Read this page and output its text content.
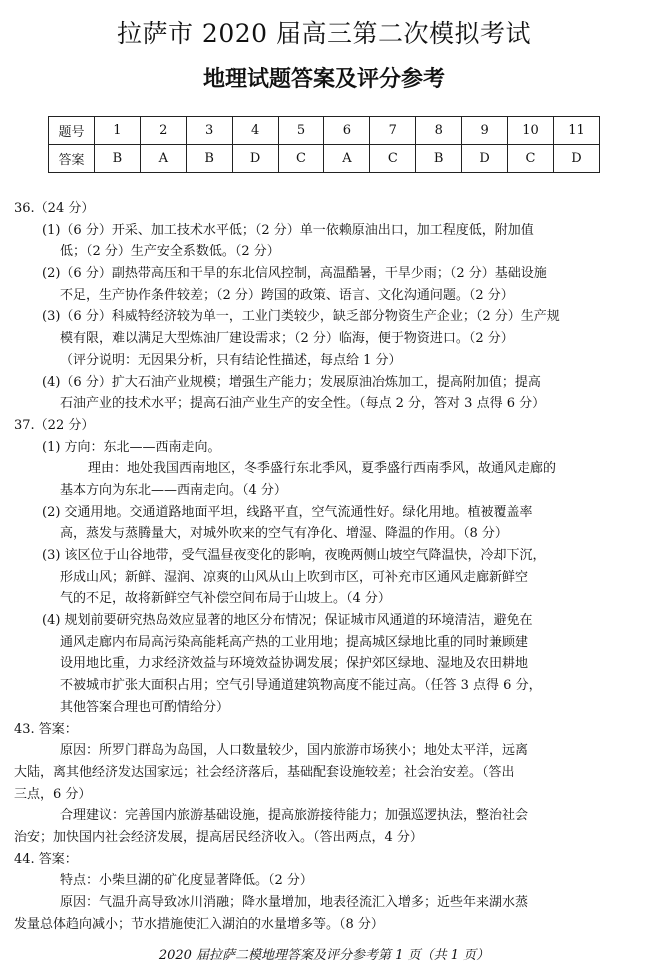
拉萨市 2020 届高三第二次模拟考试
地理试题答案及评分参考
题号	1	2	3	4	5	6	7	8	9	10	11
答案	B	A	B	D	C	A	C	B	D	C	D
36.（24 分）
(1)（6 分）开采、加工技术水平低；（2 分）单一依赖原油出口，加工程度低，附加值
低；（2 分）生产安全系数低。（2 分）
(2)（6 分）副热带高压和干旱的东北信风控制，高温酷暑，干旱少雨；（2 分）基础设施
不足，生产协作条件较差；（2 分）跨国的政策、语言、文化沟通问题。（2 分）
(3)（6 分）科威特经济较为单一，工业门类较少，缺乏部分物资生产企业；（2 分）生产规
模有限，难以满足大型炼油厂建设需求；（2 分）临海，便于物资进口。（2 分）
（评分说明：无因果分析，只有结论性描述，每点给 1 分）
(4)（6 分）扩大石油产业规模；增强生产能力；发展原油冶炼加工，提高附加值；提高
石油产业的技术水平；提高石油产业生产的安全性。（每点 2 分，答对 3 点得 6 分）
37.（22 分）
(1) 方向：东北——西南走向。
理由：地处我国西南地区，冬季盛行东北季风，夏季盛行西南季风，故通风走廊的
基本方向为东北——西南走向。（4 分）
(2) 交通用地。交通道路地面平坦，线路平直，空气流通性好。绿化用地。植被覆盖率
高，蒸发与蒸腾量大，对城外吹来的空气有净化、增湿、降温的作用。（8 分）
(3) 该区位于山谷地带，受气温昼夜变化的影响，夜晚两侧山坡空气降温快，冷却下沉，
形成山风；新鲜、湿润、凉爽的山风从山上吹到市区，可补充市区通风走廊新鲜空
气的不足，故将新鲜空气补偿空间布局于山坡上。（4 分）
(4) 规划前要研究热岛效应显著的地区分布情况；保证城市风通道的环境清洁，避免在
通风走廊内布局高污染高能耗高产热的工业用地；提高城区绿地比重的同时兼顾建
设用地比重，力求经济效益与环境效益协调发展；保护郊区绿地、湿地及农田耕地
不被城市扩张大面积占用；空气引导通道建筑物高度不能过高。（任答 3 点得 6 分，
其他答案合理也可酌情给分）
43. 答案：
原因：所罗门群岛为岛国，人口数量较少，国内旅游市场狭小；地处太平洋，远离
大陆，离其他经济发达国家远；社会经济落后，基础配套设施较差；社会治安差。（答出
三点，6 分）
合理建议：完善国内旅游基础设施，提高旅游接待能力；加强巡逻执法，整治社会
治安；加快国内社会经济发展，提高居民经济收入。（答出两点，4 分）
44. 答案：
特点：小柴旦湖的矿化度显著降低。（2 分）
原因：气温升高导致冰川消融；降水量增加，地表径流汇入增多；近些年来湖水蒸
发量总体趋向减小；节水措施使汇入湖泊的水量增多等。（8 分）
2020 届拉萨二模地理答案及评分参考第 1 页（共 1 页）
